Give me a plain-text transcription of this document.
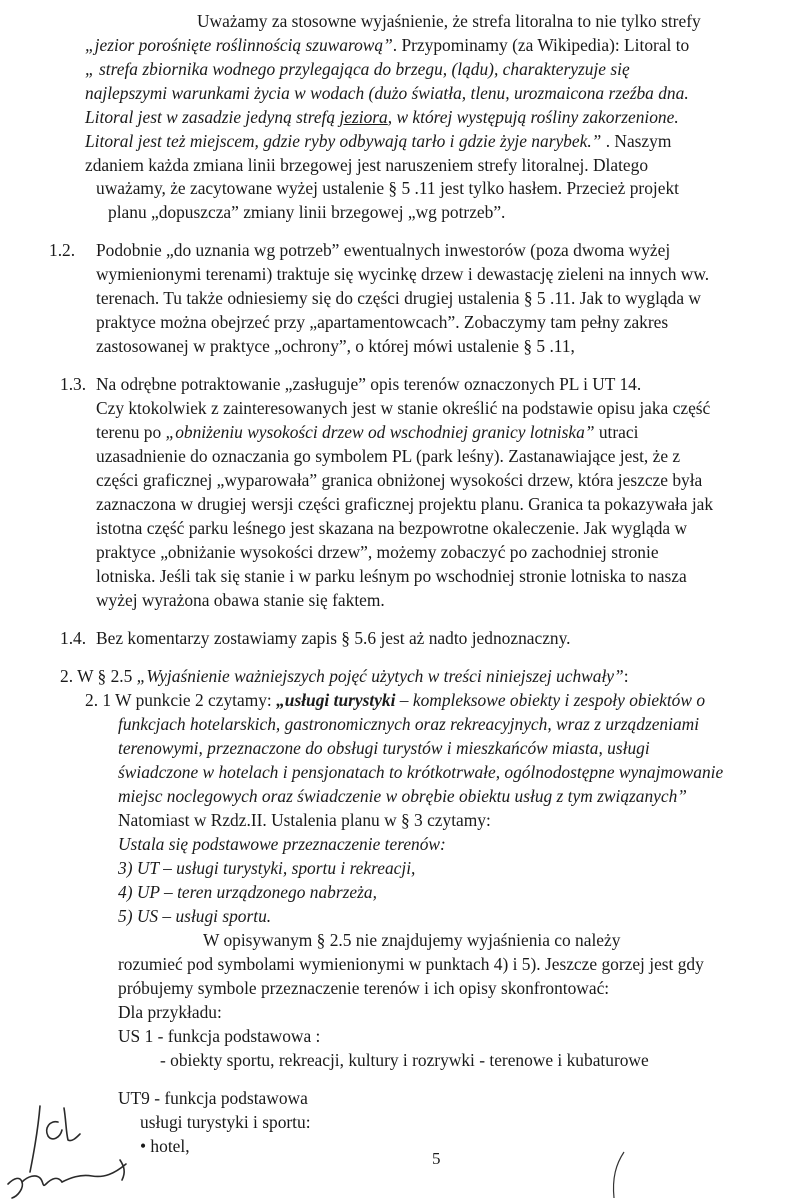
Uważamy za stosowne wyjaśnienie, że strefa litoralna to nie tylko strefy
„jezior porośnięte roślinnością szuwarową”. Przypominamy (za Wikipedia): Litoral to
„ strefa zbiornika wodnego przylegająca do brzegu, (lądu), charakteryzuje się
najlepszymi warunkami życia w wodach (dużo światła, tlenu, urozmaicona rzeźba dna.
Litoral jest w zasadzie jedyną strefą jeziora, w której występują rośliny zakorzenione.
Litoral jest też miejscem, gdzie ryby odbywają tarło i gdzie żyje narybek.” . Naszym
zdaniem każda zmiana linii brzegowej jest naruszeniem strefy litoralnej. Dlatego
uważamy, że zacytowane wyżej ustalenie § 5 .11 jest tylko hasłem. Przecież projekt
planu „dopuszcza” zmiany linii brzegowej „wg potrzeb”.
1.2. Podobnie „do uznania wg potrzeb” ewentualnych inwestorów (poza dwoma wyżej
wymienionymi terenami) traktuje się wycinkę drzew i dewastację zieleni na innych ww.
terenach. Tu także odniesiemy się do części drugiej ustalenia § 5 .11. Jak to wygląda w
praktyce można obejrzeć przy „apartamentowcach”. Zobaczymy tam pełny zakres
zastosowanej w praktyce „ochrony”, o której mówi ustalenie § 5 .11,
1.3. Na odrębne potraktowanie „zasługuje” opis terenów oznaczonych PL i UT 14.
Czy ktokolwiek z zainteresowanych jest w stanie określić na podstawie opisu jaka część
terenu po „obniżeniu wysokości drzew od wschodniej granicy lotniska” utraci
uzasadnienie do oznaczania go symbolem PL (park leśny). Zastanawiające jest, że z
części graficznej „wyparowała” granica obniżonej wysokości drzew, która jeszcze była
zaznaczona w drugiej wersji części graficznej projektu planu. Granica ta pokazywała jak
istotna część parku leśnego jest skazana na bezpowrotne okaleczenie. Jak wygląda w
praktyce „obniżanie wysokości drzew”, możemy zobaczyć po zachodniej stronie
lotniska. Jeśli tak się stanie i w parku leśnym po wschodniej stronie lotniska to nasza
wyżej wyrażona obawa stanie się faktem.
1.4. Bez komentarzy zostawiamy zapis § 5.6 jest aż nadto jednoznaczny.
2. W § 2.5 „Wyjaśnienie ważniejszych pojęć użytych w treści niniejszej uchwały”:
2. 1 W punkcie 2 czytamy: „usługi turystyki – kompleksowe obiekty i zespoły obiektów o
funkcjach hotelarskich, gastronomicznych oraz rekreacyjnych, wraz z urządzeniami
terenowymi, przeznaczone do obsługi turystów i mieszkańców miasta, usługi
świadczone w hotelach i pensjonatach to krótkotrwałe, ogólnodostępne wynajmowanie
miejsc noclegowych oraz świadczenie w obrębie obiektu usług z tym związanych”
Natomiast w Rzdz.II. Ustalenia planu w § 3 czytamy:
Ustala się podstawowe przeznaczenie terenów:
3) UT – usługi turystyki, sportu i rekreacji,
4) UP – teren urządzonego nabrzeża,
5) US – usługi sportu.
W opisywanym § 2.5 nie znajdujemy wyjaśnienia co należy
rozumieć pod symbolami wymienionymi w punktach 4) i 5). Jeszcze gorzej jest gdy
próbujemy symbole przeznaczenie terenów i ich opisy skonfrontować:
Dla przykładu:
US 1 - funkcja podstawowa :
- obiekty sportu, rekreacji, kultury i rozrywki - terenowe i kubaturowe
UT9 - funkcja podstawowa
usługi turystyki i sportu:
• hotel,
5
